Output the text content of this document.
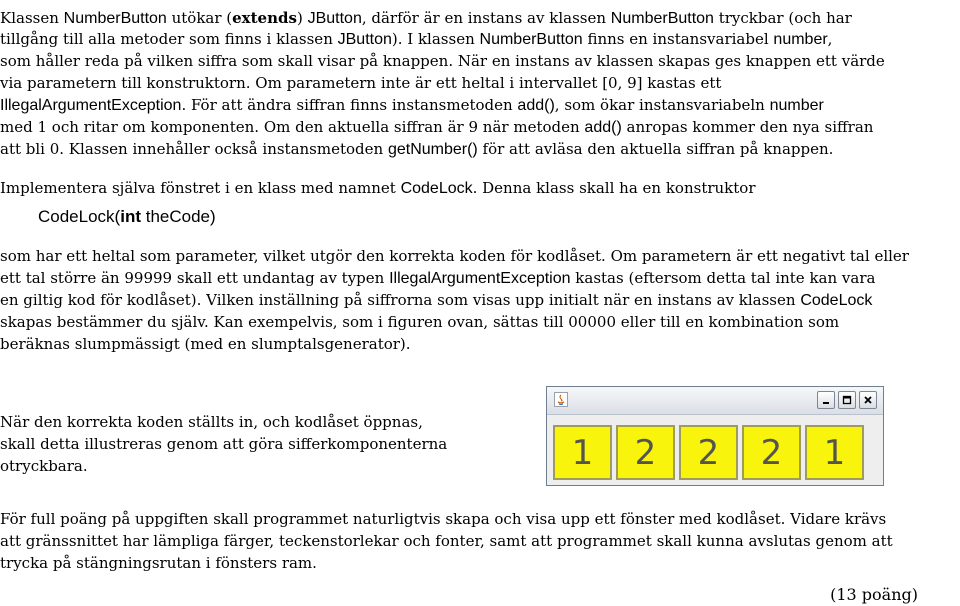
Klassen NumberButton utökar (extends) JButton, därför är en instans av klassen NumberButton tryckbar (och har
tillgång till alla metoder som finns i klassen JButton). I klassen NumberButton finns en instansvariabel number,
som håller reda på vilken siffra som skall visar på knappen. När en instans av klassen skapas ges knappen ett värde
via parametern till konstruktorn. Om parametern inte är ett heltal i intervallet [0, 9] kastas ett
IllegalArgumentException. För att ändra siffran finns instansmetoden add(), som ökar instansvariabeln number
med 1 och ritar om komponenten. Om den aktuella siffran är 9 när metoden add() anropas kommer den nya siffran
att bli 0. Klassen innehåller också instansmetoden getNumber() för att avläsa den aktuella siffran på knappen.
Implementera själva fönstret i en klass med namnet CodeLock. Denna klass skall ha en konstruktor
CodeLock(int theCode)
som har ett heltal som parameter, vilket utgör den korrekta koden för kodlåset. Om parametern är ett negativt tal eller
ett tal större än 99999 skall ett undantag av typen IllegalArgumentException kastas (eftersom detta tal inte kan vara
en giltig kod för kodlåset). Vilken inställning på siffrorna som visas upp initialt när en instans av klassen CodeLock
skapas bestämmer du själv. Kan exempelvis, som i figuren ovan, sättas till 00000 eller till en kombination som
beräknas slumpmässigt (med en slumptalsgenerator).
När den korrekta koden ställts in, och kodlåset öppnas,
skall detta illustreras genom att göra sifferkomponenterna
otryckbara.	1	2	2	2	1
För full poäng på uppgiften skall programmet naturligtvis skapa och visa upp ett fönster med kodlåset. Vidare krävs
att gränssnittet har lämpliga färger, teckenstorlekar och fonter, samt att programmet skall kunna avslutas genom att
trycka på stängningsrutan i fönsters ram.
(13 poäng)
